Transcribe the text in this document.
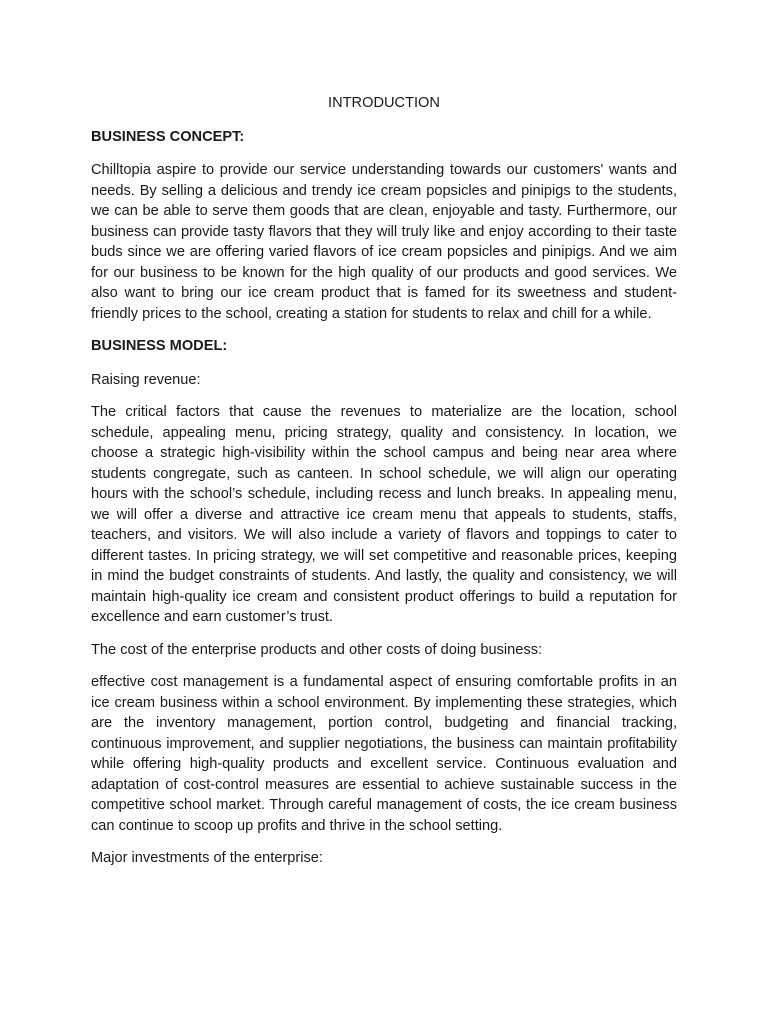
INTRODUCTION
BUSINESS CONCEPT:
Chilltopia aspire to provide our service understanding towards our customers' wants and needs. By selling a delicious and trendy ice cream popsicles and pinipigs to the students, we can be able to serve them goods that are clean, enjoyable and tasty. Furthermore, our business can provide tasty flavors that they will truly like and enjoy according to their taste buds since we are offering varied flavors of ice cream popsicles and pinipigs. And we aim for our business to be known for the high quality of our products and good services. We also want to bring our ice cream product that is famed for its sweetness and student-friendly prices to the school, creating a station for students to relax and chill for a while.
BUSINESS MODEL:
Raising revenue:
The critical factors that cause the revenues to materialize are the location, school schedule, appealing menu, pricing strategy, quality and consistency. In location, we choose a strategic high-visibility within the school campus and being near area where students congregate, such as canteen. In school schedule, we will align our operating hours with the school’s schedule, including recess and lunch breaks. In appealing menu, we will offer a diverse and attractive ice cream menu that appeals to students, staffs, teachers, and visitors. We will also include a variety of flavors and toppings to cater to different tastes. In pricing strategy, we will set competitive and reasonable prices, keeping in mind the budget constraints of students. And lastly, the quality and consistency, we will maintain high-quality ice cream and consistent product offerings to build a reputation for excellence and earn customer’s trust.
The cost of the enterprise products and other costs of doing business:
effective cost management is a fundamental aspect of ensuring comfortable profits in an ice cream business within a school environment. By implementing these strategies, which are the inventory management, portion control, budgeting and financial tracking, continuous improvement, and supplier negotiations, the business can maintain profitability while offering high-quality products and excellent service. Continuous evaluation and adaptation of cost-control measures are essential to achieve sustainable success in the competitive school market. Through careful management of costs, the ice cream business can continue to scoop up profits and thrive in the school setting.
Major investments of the enterprise:
